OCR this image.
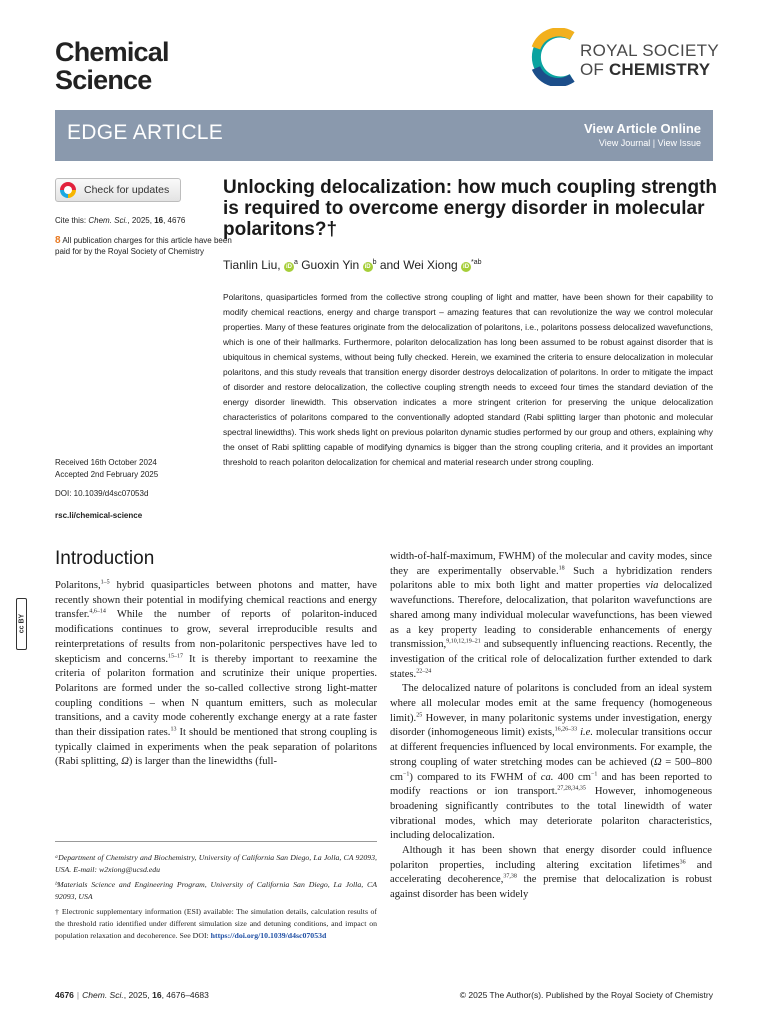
Chemical
Science
ROYAL SOCIETY
OF CHEMISTRY
EDGE ARTICLE	View Article Online
View Journal | View Issue
Check for updates
Cite this: Chem. Sci., 2025, 16, 4676
8 All publication charges for this article have been paid for by the Royal Society of Chemistry
Received 16th October 2024
Accepted 2nd February 2025
DOI: 10.1039/d4sc07053d
rsc.li/chemical-science
Unlocking delocalization: how much coupling strength is required to overcome energy disorder in molecular polaritons?†
Tianlin Liu, $iD^a$ Guoxin Yin $iD^b$ and Wei Xiong $iD^{*ab}$
Polaritons, quasiparticles formed from the collective strong coupling of light and matter, have been shown for their capability to modify chemical reactions, energy and charge transport – amazing features that can revolutionize the way we control molecular properties. Many of these features originate from the delocalization of polaritons, i.e., polaritons possess delocalized wavefunctions, which is one of their hallmarks. Furthermore, polariton delocalization has long been assumed to be robust against disorder that is ubiquitous in chemical systems, without being fully checked. Herein, we examined the criteria to ensure delocalization in molecular polaritons, and this study reveals that transition energy disorder destroys delocalization of polaritons. In order to mitigate the impact of disorder and restore delocalization, the collective coupling strength needs to exceed four times the standard deviation of the energy disorder linewidth. This observation indicates a more stringent criterion for preserving the unique delocalization characteristics of polaritons compared to the conventionally adopted standard (Rabi splitting larger than photonic and molecular spectral linewidths). This work sheds light on previous polariton dynamic studies performed by our group and others, explaining why the onset of Rabi splitting capable of modifying dynamics is bigger than the strong coupling criteria, and it provides an important threshold to reach polariton delocalization for chemical and material research under strong coupling.
cc BY
Introduction

Polaritons,$^{1-5}$ hybrid quasiparticles between photons and matter, have recently shown their potential in modifying chemical reactions and energy transfer.$^{4,6-14}$ While the number of reports of polariton-induced modifications continues to grow, several irreproducible results and reinterpretations of results from non-polaritonic perspectives have led to skepticism and concerns.$^{15-17}$ It is thereby important to reexamine the criteria of polariton formation and scrutinize their unique properties. Polaritons are formed under the so-called collective strong light-matter coupling conditions – when N quantum emitters, such as molecular transitions, and a cavity mode coherently exchange energy at a rate faster than their dissipation rates.$^{13}$ It should be mentioned that strong coupling is typically claimed in experiments when the peak separation of polaritons (Rabi splitting, Ω) is larger than the linewidths (full-

width-of-half-maximum, FWHM) of the molecular and cavity modes, since they are experimentally observable.$^{18}$ Such a hybridization renders polaritons able to mix both light and matter properties via delocalized wavefunctions. Therefore, delocalization, that polariton wavefunctions are shared among many individual molecular wavefunctions, has been viewed as a key property leading to considerable enhancements of energy transmission,$^{9,10,12,19-21}$ and subsequently influencing reactions. Recently, the investigation of the critical role of delocalization further extended to dark states.$^{22-24}$

The delocalized nature of polaritons is concluded from an ideal system where all molecular modes emit at the same frequency (homogeneous limit).$^{25}$ However, in many polaritonic systems under investigation, energy disorder (inhomogeneous limit) exists,$^{16,26-33}$ i.e. molecular transitions occur at different frequencies influenced by local environments. For example, the strong coupling of water stretching modes can be achieved (Ω = 500–800 $cm^{-1}$) compared to its FWHM of ca. 400 $cm^{-1}$ and has been reported to modify reactions or ion transport.$^{27,28,34,35}$ However, inhomogeneous broadening significantly contributes to the total linewidth of water vibrational modes, which may deteriorate polariton characteristics, including delocalization.

Although it has been shown that energy disorder could influence polariton properties, including altering excitation lifetimes$^{36}$ and accelerating decoherence,$^{37,38}$ the premise that delocalization is robust against disorder has been widely

ᵃDepartment of Chemistry and Biochemistry, University of California San Diego, La Jolla, CA 92093, USA. E-mail: w2xiong@ucsd.edu
ᵇMaterials Science and Engineering Program, University of California San Diego, La Jolla, CA 92093, USA
† Electronic supplementary information (ESI) available: The simulation details, calculation results of the threshold ratio identified under different simulation size and detuning conditions, and impact on population relaxation and decoherence. See DOI: https://doi.org/10.1039/d4sc07053d
4676 | Chem. Sci., 2025, 16, 4676–4683	© 2025 The Author(s). Published by the Royal Society of Chemistry
